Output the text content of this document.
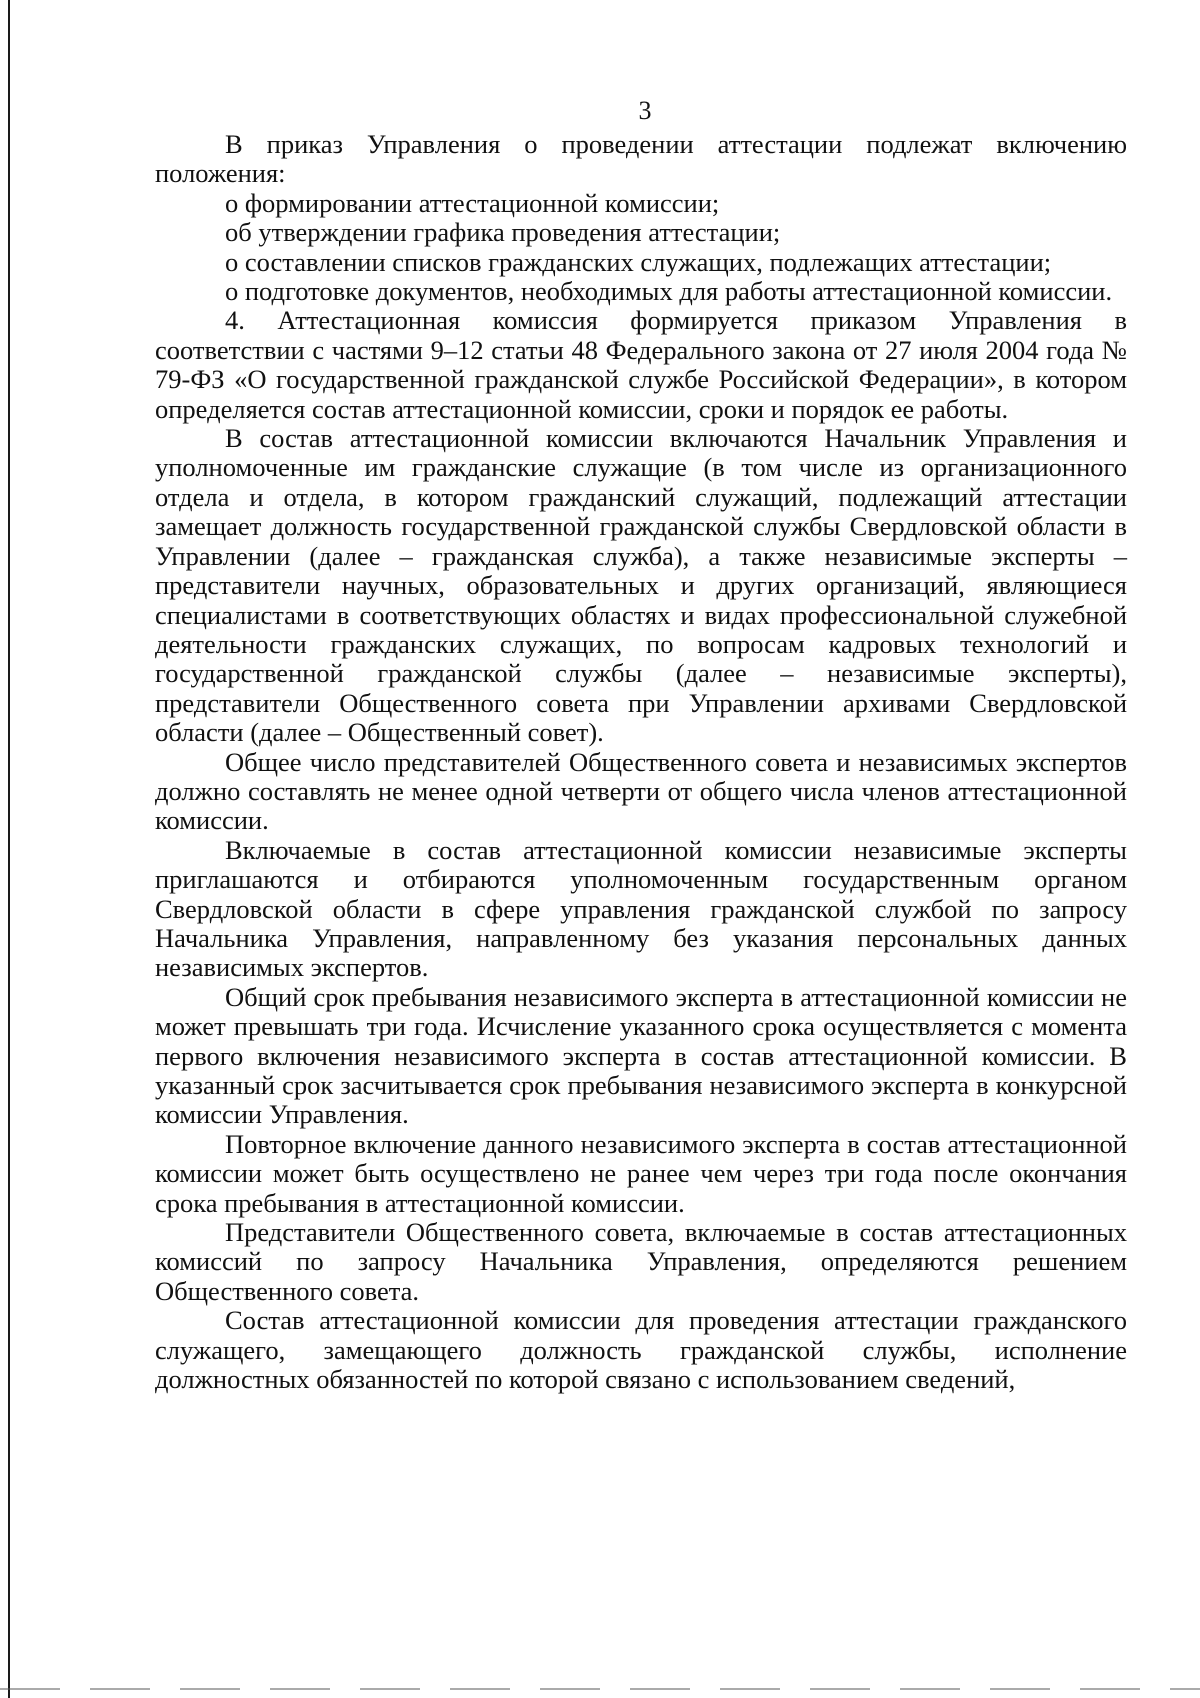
3

В приказ Управления о проведении аттестации подлежат включению положения:

о формировании аттестационной комиссии;

об утверждении графика проведения аттестации;

о составлении списков гражданских служащих, подлежащих аттестации;

о подготовке документов, необходимых для работы аттестационной комиссии.

4. Аттестационная комиссия формируется приказом Управления в соответствии с частями 9–12 статьи 48 Федерального закона от 27 июля 2004 года № 79-ФЗ «О государственной гражданской службе Российской Федерации», в котором определяется состав аттестационной комиссии, сроки и порядок ее работы.

В состав аттестационной комиссии включаются Начальник Управления и уполномоченные им гражданские служащие (в том числе из организационного отдела и отдела, в котором гражданский служащий, подлежащий аттестации замещает должность государственной гражданской службы Свердловской области в Управлении (далее – гражданская служба), а также независимые эксперты – представители научных, образовательных и других организаций, являющиеся специалистами в соответствующих областях и видах профессиональной служебной деятельности гражданских служащих, по вопросам кадровых технологий и государственной гражданской службы (далее – независимые эксперты), представители Общественного совета при Управлении архивами Свердловской области (далее – Общественный совет).

Общее число представителей Общественного совета и независимых экспертов должно составлять не менее одной четверти от общего числа членов аттестационной комиссии.

Включаемые в состав аттестационной комиссии независимые эксперты приглашаются и отбираются уполномоченным государственным органом Свердловской области в сфере управления гражданской службой по запросу Начальника Управления, направленному без указания персональных данных независимых экспертов.

Общий срок пребывания независимого эксперта в аттестационной комиссии не может превышать три года. Исчисление указанного срока осуществляется с момента первого включения независимого эксперта в состав аттестационной комиссии. В указанный срок засчитывается срок пребывания независимого эксперта в конкурсной комиссии Управления.

Повторное включение данного независимого эксперта в состав аттестационной комиссии может быть осуществлено не ранее чем через три года после окончания срока пребывания в аттестационной комиссии.

Представители Общественного совета, включаемые в состав аттестационных комиссий по запросу Начальника Управления, определяются решением Общественного совета.

Состав аттестационной комиссии для проведения аттестации гражданского служащего, замещающего должность гражданской службы, исполнение должностных обязанностей по которой связано с использованием сведений,
